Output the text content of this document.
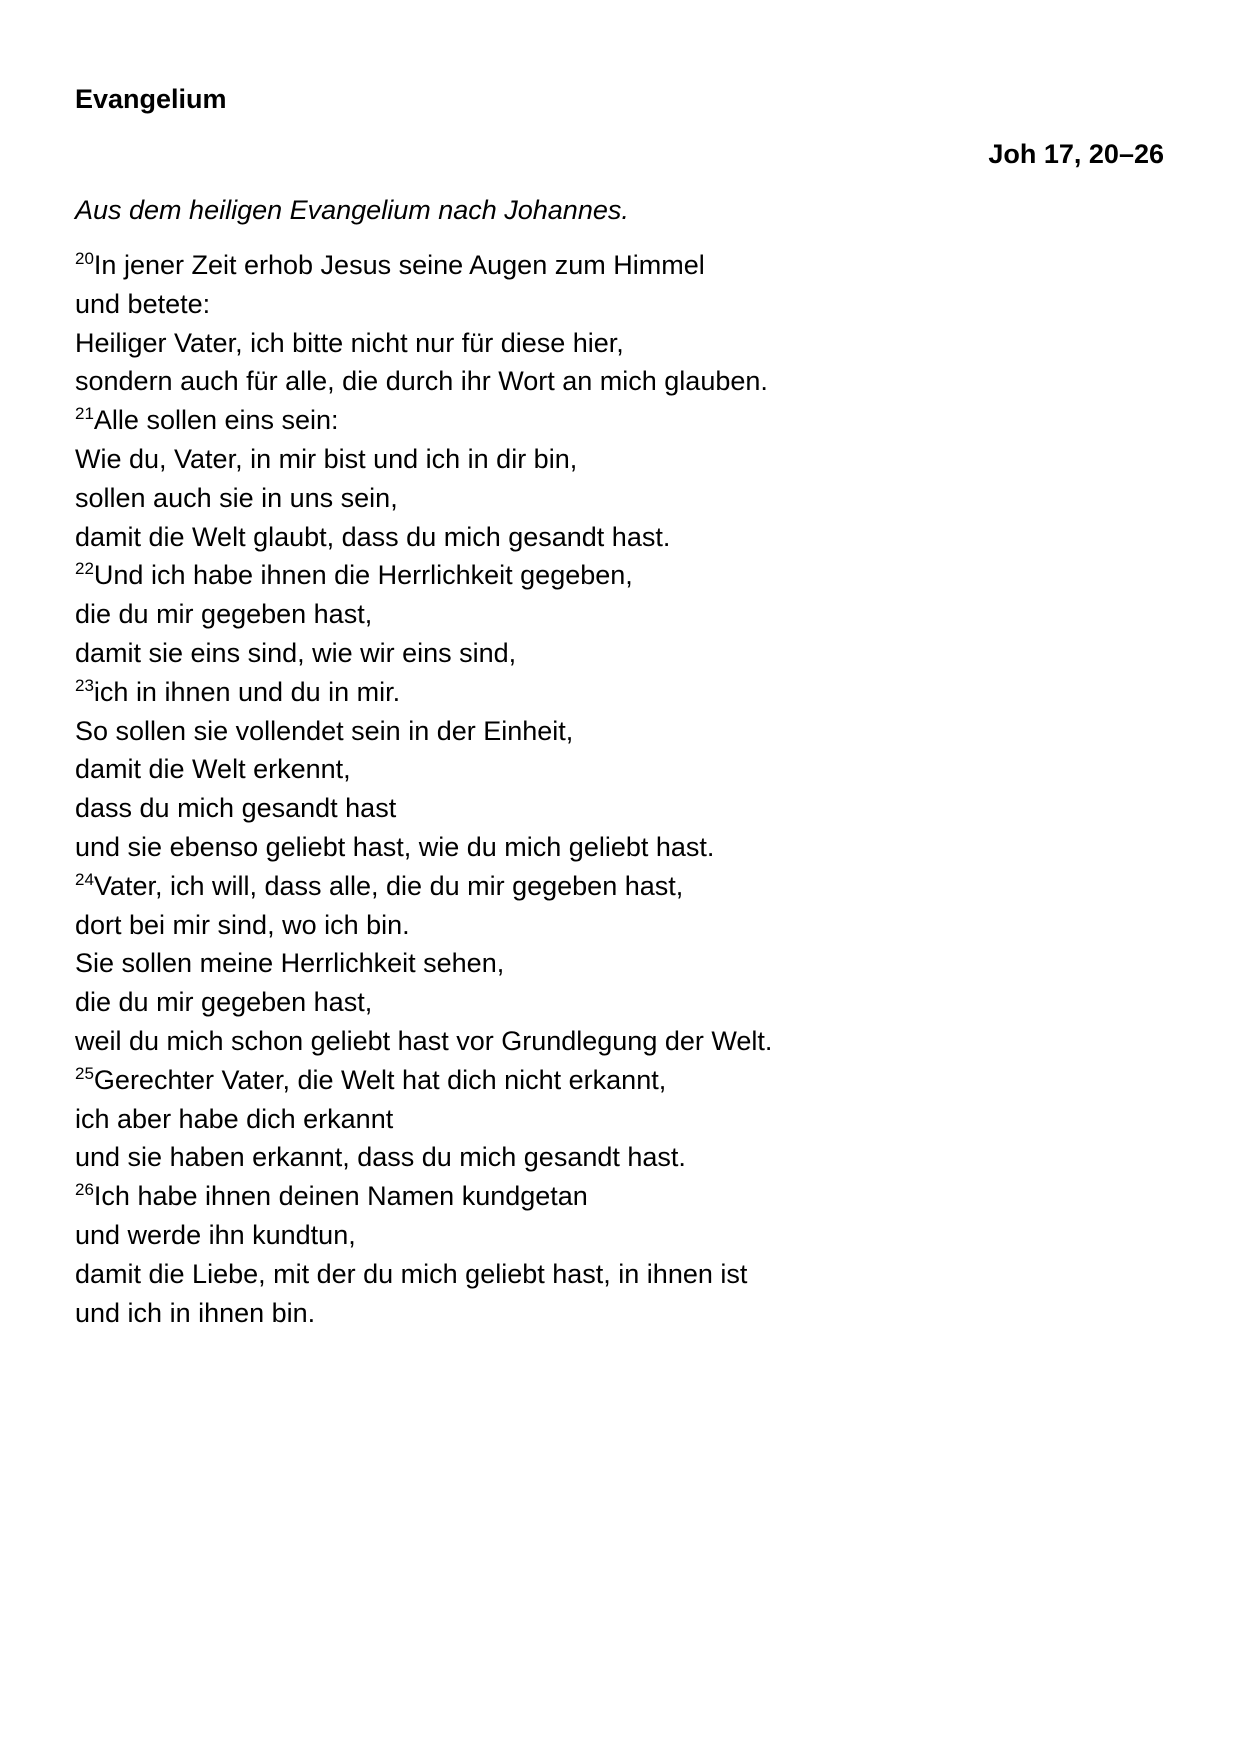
Evangelium
Joh 17, 20–26
Aus dem heiligen Evangelium nach Johannes.
$^{20}$In jener Zeit erhob Jesus seine Augen zum Himmel
und betete:
Heiliger Vater, ich bitte nicht nur für diese hier,
sondern auch für alle, die durch ihr Wort an mich glauben.
$^{21}$Alle sollen eins sein:
Wie du, Vater, in mir bist und ich in dir bin,
sollen auch sie in uns sein,
damit die Welt glaubt, dass du mich gesandt hast.
$^{22}$Und ich habe ihnen die Herrlichkeit gegeben,
die du mir gegeben hast,
damit sie eins sind, wie wir eins sind,
$^{23}$ich in ihnen und du in mir.
So sollen sie vollendet sein in der Einheit,
damit die Welt erkennt,
dass du mich gesandt hast
und sie ebenso geliebt hast, wie du mich geliebt hast.
$^{24}$Vater, ich will, dass alle, die du mir gegeben hast,
dort bei mir sind, wo ich bin.
Sie sollen meine Herrlichkeit sehen,
die du mir gegeben hast,
weil du mich schon geliebt hast vor Grundlegung der Welt.
$^{25}$Gerechter Vater, die Welt hat dich nicht erkannt,
ich aber habe dich erkannt
und sie haben erkannt, dass du mich gesandt hast.
$^{26}$Ich habe ihnen deinen Namen kundgetan
und werde ihn kundtun,
damit die Liebe, mit der du mich geliebt hast, in ihnen ist
und ich in ihnen bin.
